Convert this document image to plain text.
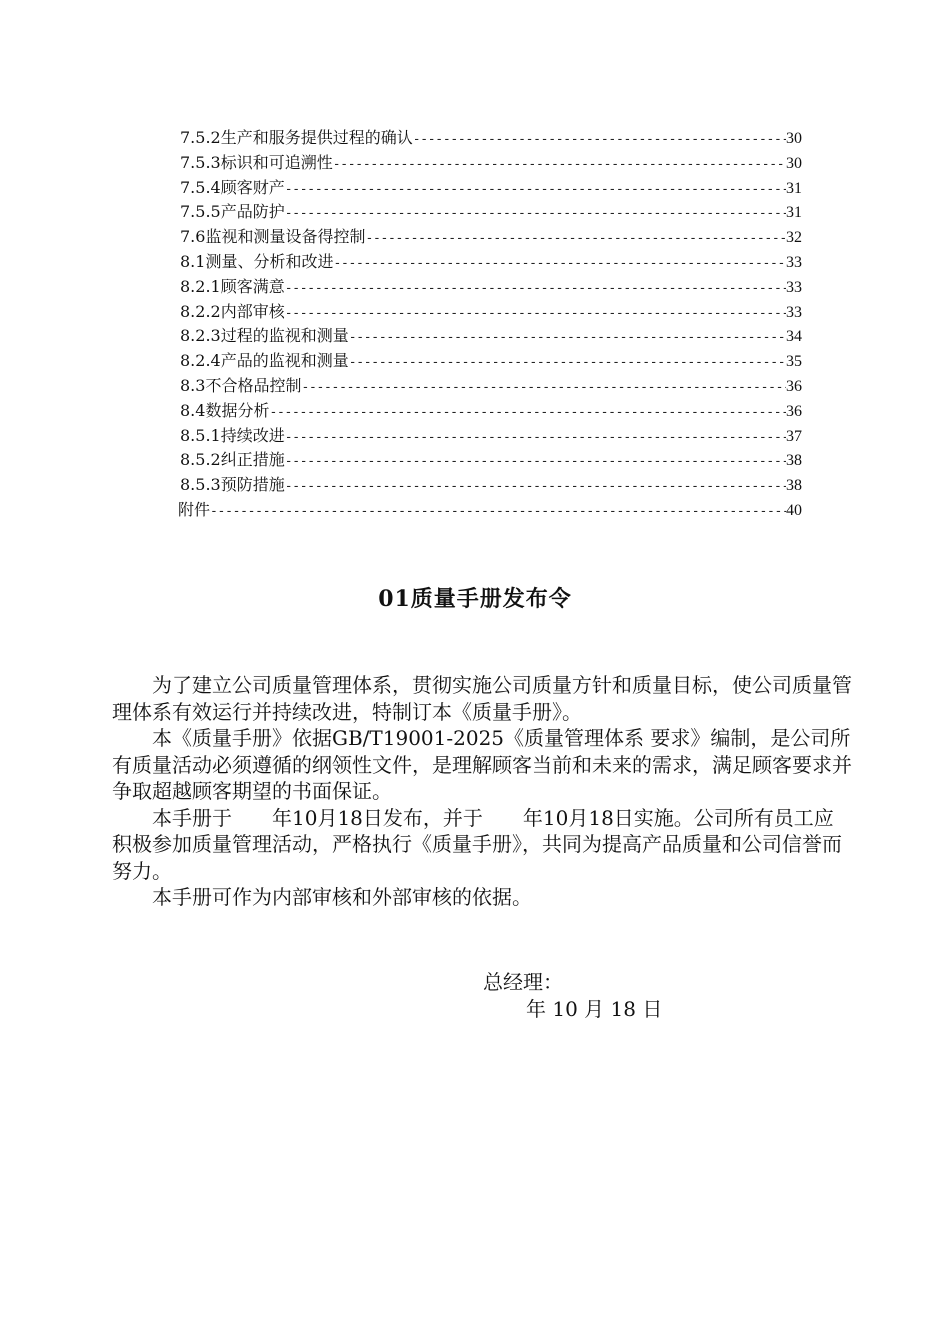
7.5.2生产和服务提供过程的确认 -----	30
7.5.3标识和可追溯性 -----	30
7.5.4顾客财产 -----	31
7.5.5产品防护 -----	31
7.6监视和测量设备得控制 -----	32
8.1测量、分析和改进 -----	33
8.2.1顾客满意 -----	33
8.2.2内部审核 -----	33
8.2.3过程的监视和测量 -----	34
8.2.4产品的监视和测量 -----	35
8.3不合格品控制 -----	36
8.4数据分析 -----	36
8.5.1持续改进 -----	37
8.5.2纠正措施 -----	38
8.5.3预防措施 -----	38
附件 -----	40
01质量手册发布令

　　为了建立公司质量管理体系，贯彻实施公司质量方针和质量目标，使公司质量管理体系有效运行并持续改进，特制订本《质量手册》。

　　本《质量手册》依据GB/T19001-2025《质量管理体系 要求》编制，是公司所有质量活动必须遵循的纲领性文件，是理解顾客当前和未来的需求，满足顾客要求并争取超越顾客期望的书面保证。

　　本手册于　　年10月18日发布，并于　　年10月18日实施。公司所有员工应积极参加质量管理活动，严格执行《质量手册》，共同为提高产品质量和公司信誉而努力。

　　本手册可作为内部审核和外部审核的依据。

总经理：
年 10 月 18 日
